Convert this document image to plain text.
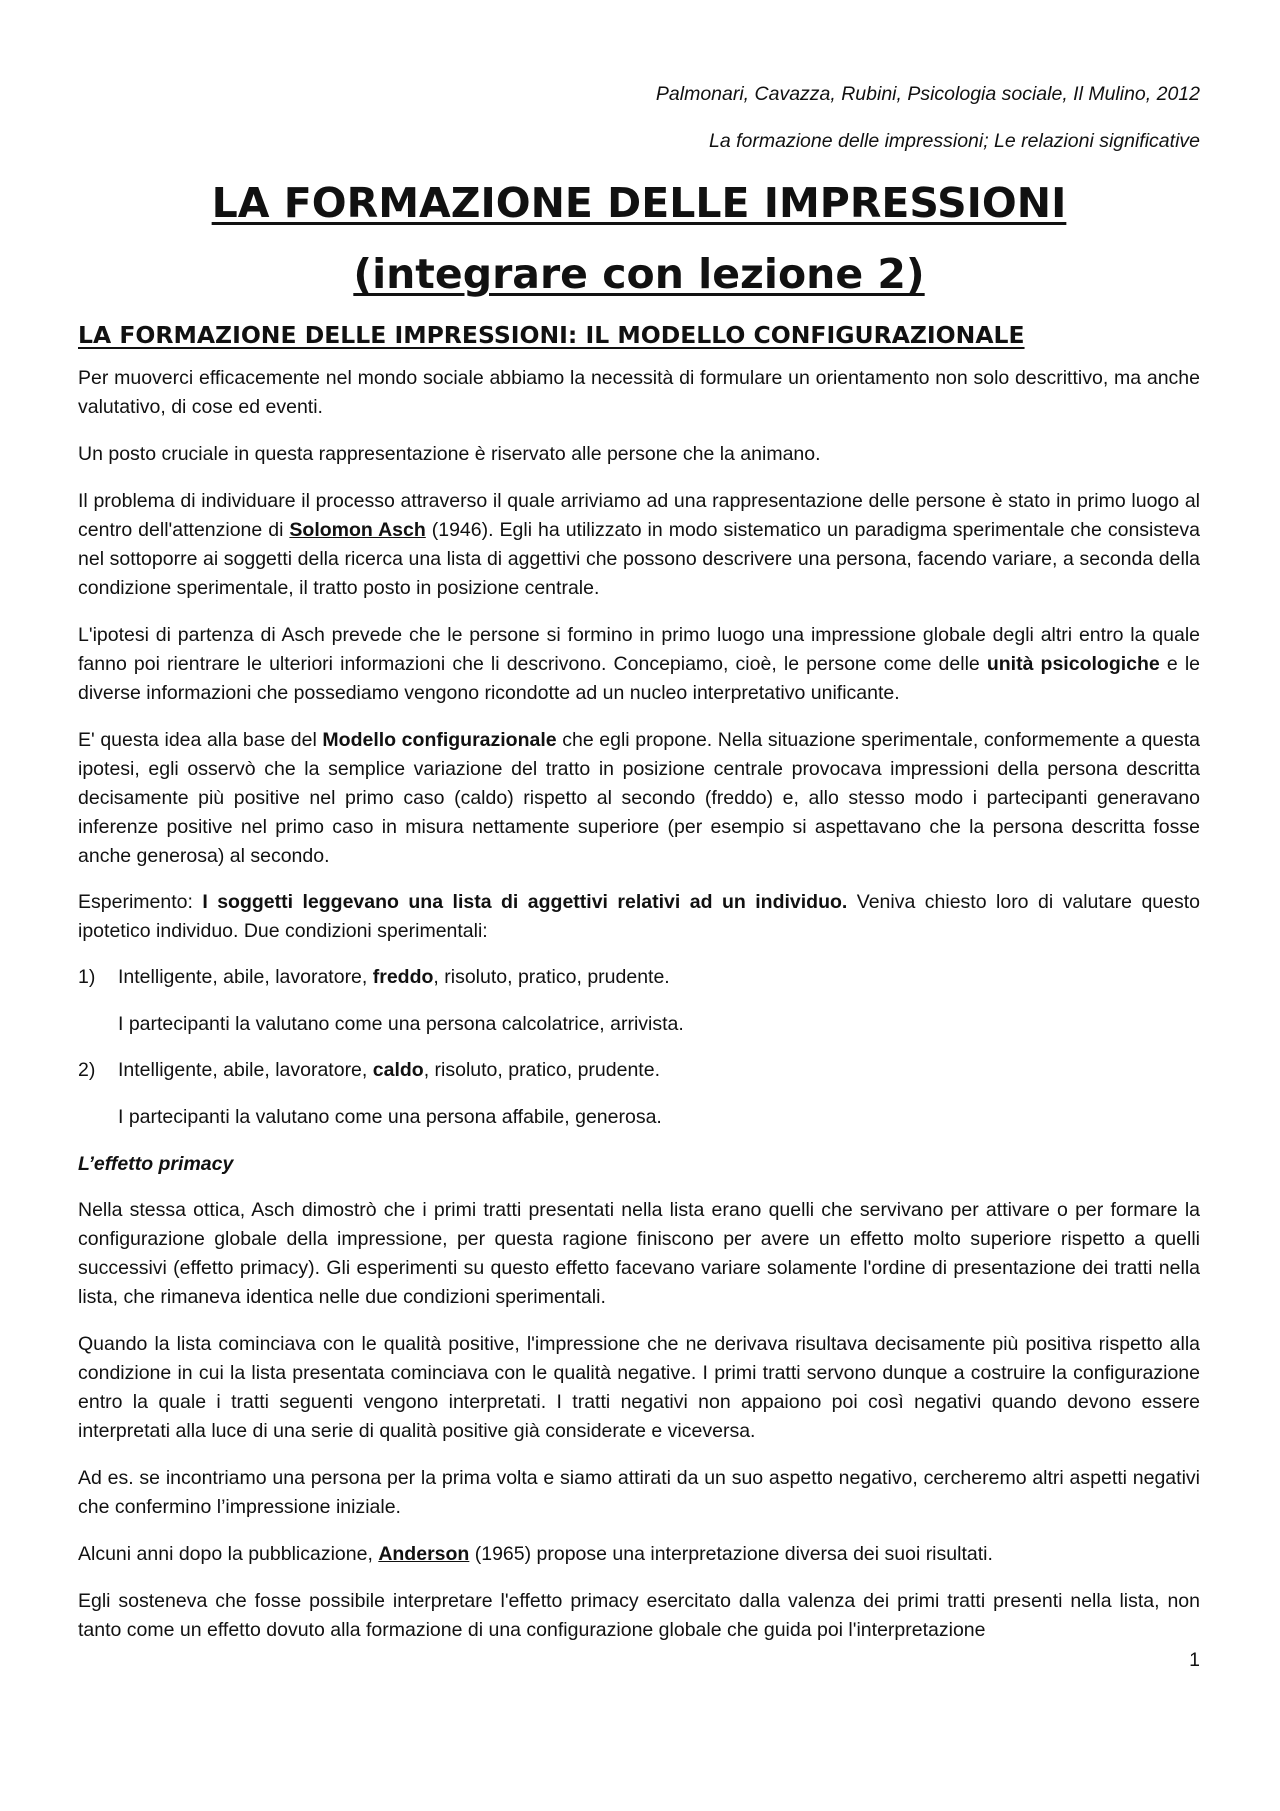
Palmonari, Cavazza, Rubini, Psicologia sociale, Il Mulino, 2012
La formazione delle impressioni; Le relazioni significative
LA FORMAZIONE DELLE IMPRESSIONI
(integrare con lezione 2)
LA FORMAZIONE DELLE IMPRESSIONI: IL MODELLO CONFIGURAZIONALE

Per muoverci efficacemente nel mondo sociale abbiamo la necessità di formulare un orientamento non solo descrittivo, ma anche valutativo, di cose ed eventi.

Un posto cruciale in questa rappresentazione è riservato alle persone che la animano.

Il problema di individuare il processo attraverso il quale arriviamo ad una rappresentazione delle persone è stato in primo luogo al centro dell'attenzione di Solomon Asch (1946). Egli ha utilizzato in modo sistematico un paradigma sperimentale che consisteva nel sottoporre ai soggetti della ricerca una lista di aggettivi che possono descrivere una persona, facendo variare, a seconda della condizione sperimentale, il tratto posto in posizione centrale.

L'ipotesi di partenza di Asch prevede che le persone si formino in primo luogo una impressione globale degli altri entro la quale fanno poi rientrare le ulteriori informazioni che li descrivono. Concepiamo, cioè, le persone come delle unità psicologiche e le diverse informazioni che possediamo vengono ricondotte ad un nucleo interpretativo unificante.

E' questa idea alla base del Modello configurazionale che egli propone. Nella situazione sperimentale, conformemente a questa ipotesi, egli osservò che la semplice variazione del tratto in posizione centrale provocava impressioni della persona descritta decisamente più positive nel primo caso (caldo) rispetto al secondo (freddo) e, allo stesso modo i partecipanti generavano inferenze positive nel primo caso in misura nettamente superiore (per esempio si aspettavano che la persona descritta fosse anche generosa) al secondo.

Esperimento: I soggetti leggevano una lista di aggettivi relativi ad un individuo. Veniva chiesto loro di valutare questo ipotetico individuo. Due condizioni sperimentali:

1)	Intelligente, abile, lavoratore, freddo, risoluto, pratico, prudente.
I partecipanti la valutano come una persona calcolatrice, arrivista.
2)	Intelligente, abile, lavoratore, caldo, risoluto, pratico, prudente.
I partecipanti la valutano come una persona affabile, generosa.
L’effetto primacy

Nella stessa ottica, Asch dimostrò che i primi tratti presentati nella lista erano quelli che servivano per attivare o per formare la configurazione globale della impressione, per questa ragione finiscono per avere un effetto molto superiore rispetto a quelli successivi (effetto primacy). Gli esperimenti su questo effetto facevano variare solamente l'ordine di presentazione dei tratti nella lista, che rimaneva identica nelle due condizioni sperimentali.

Quando la lista cominciava con le qualità positive, l'impressione che ne derivava risultava decisamente più positiva rispetto alla condizione in cui la lista presentata cominciava con le qualità negative. I primi tratti servono dunque a costruire la configurazione entro la quale i tratti seguenti vengono interpretati. I tratti negativi non appaiono poi così negativi quando devono essere interpretati alla luce di una serie di qualità positive già considerate e viceversa.

Ad es. se incontriamo una persona per la prima volta e siamo attirati da un suo aspetto negativo, cercheremo altri aspetti negativi che confermino l’impressione iniziale.

Alcuni anni dopo la pubblicazione, Anderson (1965) propose una interpretazione diversa dei suoi risultati.

Egli sosteneva che fosse possibile interpretare l'effetto primacy esercitato dalla valenza dei primi tratti presenti nella lista, non tanto come un effetto dovuto alla formazione di una configurazione globale che guida poi l'interpretazione

1
